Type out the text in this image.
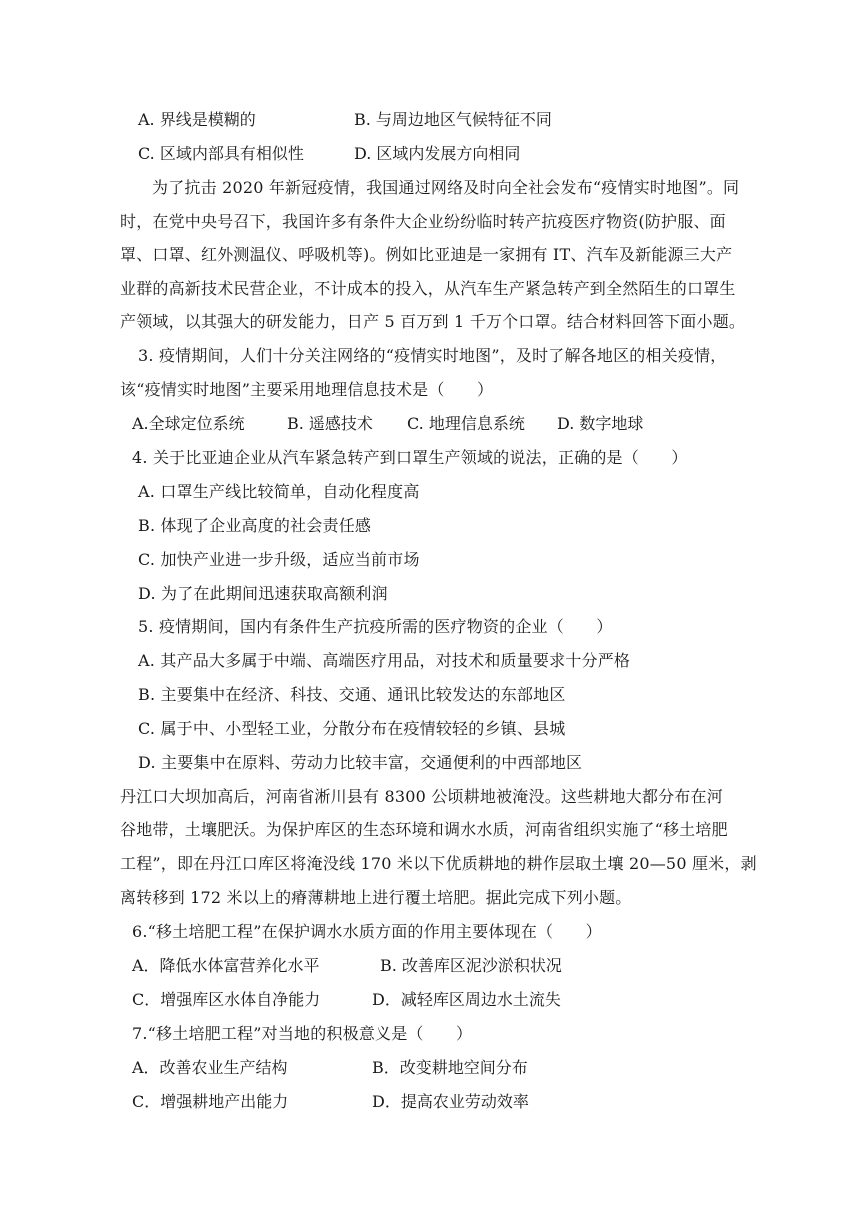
A. 界线是模糊的	B. 与周边地区气候特征不同
C. 区域内部具有相似性	D. 区域内发展方向相同
为了抗击 2020 年新冠疫情，我国通过网络及时向全社会发布“疫情实时地图”。同
时，在党中央号召下，我国许多有条件大企业纷纷临时转产抗疫医疗物资(防护服、面
罩、口罩、红外测温仪、呼吸机等)。例如比亚迪是一家拥有 IT、汽车及新能源三大产
业群的高新技术民营企业，不计成本的投入，从汽车生产紧急转产到全然陌生的口罩生
产领域，以其强大的研发能力，日产 5 百万到 1 千万个口罩。结合材料回答下面小题。
3. 疫情期间，人们十分关注网络的“疫情实时地图”，及时了解各地区的相关疫情，
该“疫情实时地图”主要采用地理信息技术是（　　）
A.全球定位系统	B. 遥感技术 C. 地理信息系统 D. 数字地球
4. 关于比亚迪企业从汽车紧急转产到口罩生产领域的说法，正确的是（　　）
A. 口罩生产线比较简单，自动化程度高
B. 体现了企业高度的社会责任感
C. 加快产业进一步升级，适应当前市场
D. 为了在此期间迅速获取高额利润
5. 疫情期间，国内有条件生产抗疫所需的医疗物资的企业（　　）
A. 其产品大多属于中端、高端医疗用品，对技术和质量要求十分严格
B. 主要集中在经济、科技、交通、通讯比较发达的东部地区
C. 属于中、小型轻工业，分散分布在疫情较轻的乡镇、县城
D. 主要集中在原料、劳动力比较丰富，交通便利的中西部地区
丹江口大坝加高后，河南省淅川县有 8300 公顷耕地被淹没。这些耕地大都分布在河
谷地带，土壤肥沃。为保护库区的生态环境和调水水质，河南省组织实施了“移土培肥
工程”，即在丹江口库区将淹没线 170 米以下优质耕地的耕作层取土壤 20—50 厘米，剥
离转移到 172 米以上的瘠薄耕地上进行覆土培肥。据此完成下列小题。
6.“移土培肥工程”在保护调水水质方面的作用主要体现在（　　）
A．降低水体富营养化水平	B. 改善库区泥沙淤积状况
C．增强库区水体自净能力	D．减轻库区周边水土流失
7.“移土培肥工程”对当地的积极意义是（　　）
A．改善农业生产结构	B．改变耕地空间分布
C．增强耕地产出能力	D．提高农业劳动效率
